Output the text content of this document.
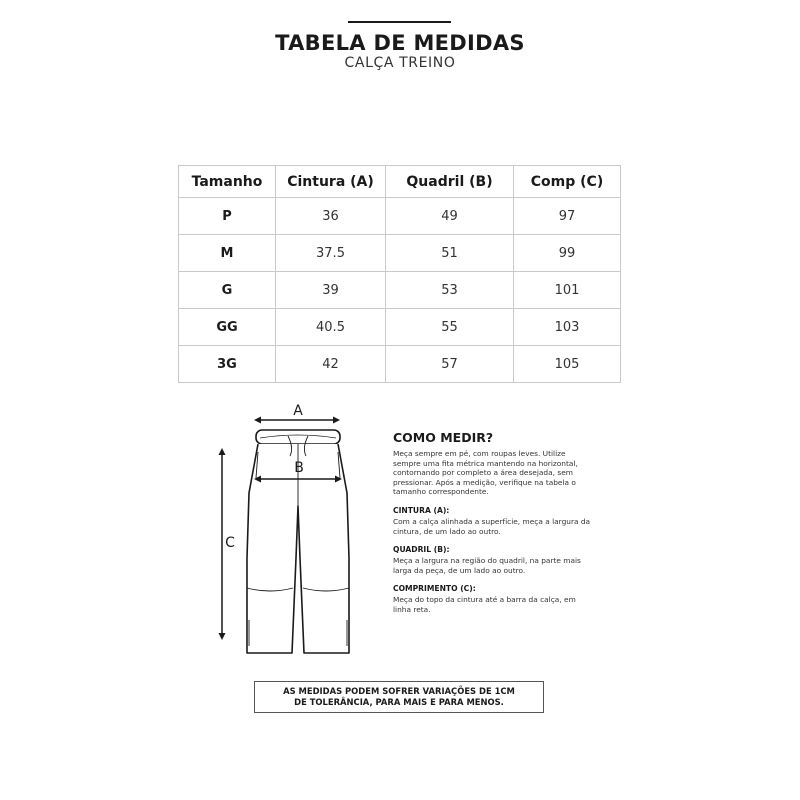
TABELA DE MEDIDAS
CALÇA TREINO
Tamanho	Cintura (A)	Quadril (B)	Comp (C)
P	36	49	97
M	37.5	51	99
G	39	53	101
GG	40.5	55	103
3G	42	57	105
A
B
C
COMO MEDIR?

Meça sempre em pé, com roupas leves. Utilize sempre uma fita métrica mantendo na horizontal, contornando por completo a área desejada, sem pressionar. Após a medição, verifique na tabela o tamanho correspondente.

CINTURA (A):

Com a calça alinhada a superfície, meça a largura da cintura, de um lado ao outro.

QUADRIL (B):

Meça a largura na região do quadril, na parte mais larga da peça, de um lado ao outro.

COMPRIMENTO (C):

Meça do topo da cintura até a barra da calça, em linha reta.

AS MEDIDAS PODEM SOFRER VARIAÇÕES DE 1CM
DE TOLERÂNCIA, PARA MAIS E PARA MENOS.
